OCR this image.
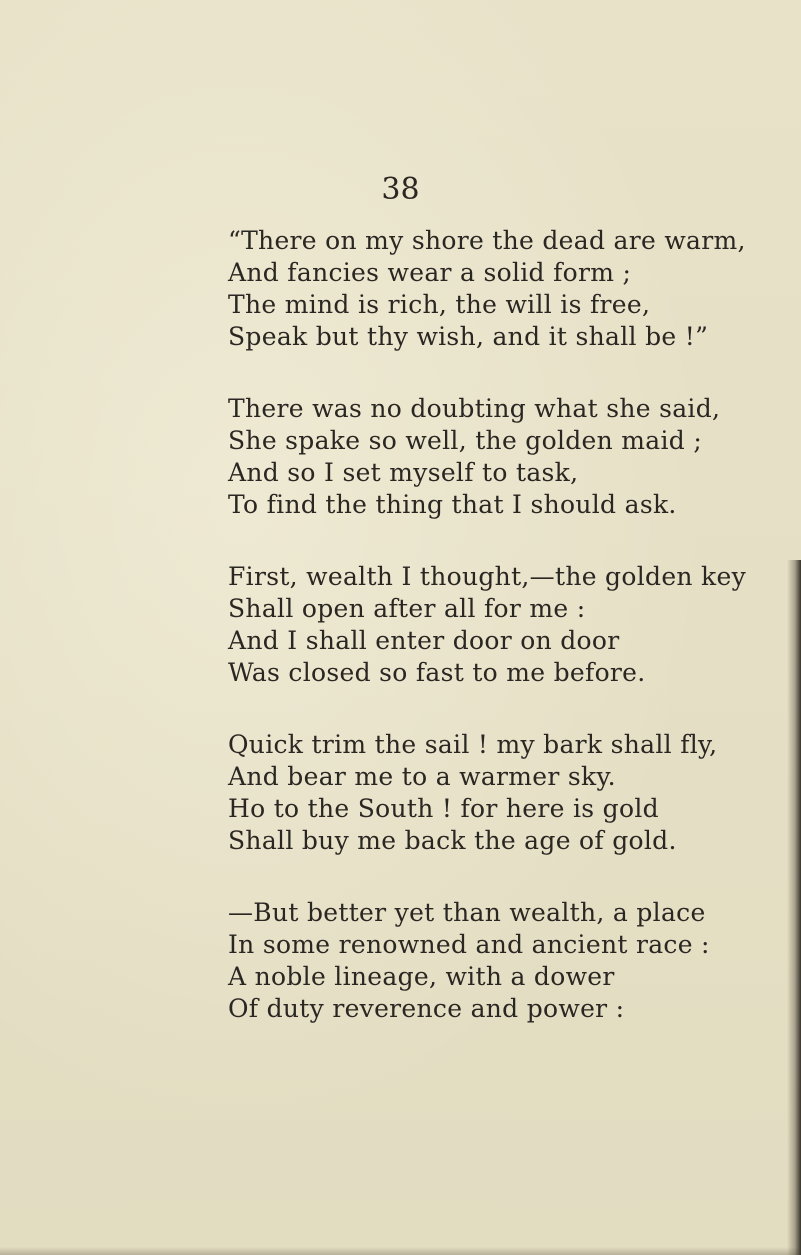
38
“There on my shore the dead are warm,
And fancies wear a solid form ;
The mind is rich, the will is free,
Speak but thy wish, and it shall be !”
There was no doubting what she said,
She spake so well, the golden maid ;
And so I set myself to task,
To find the thing that I should ask.
First, wealth I thought,—the golden key
Shall open after all for me :
And I shall enter door on door
Was closed so fast to me before.
Quick trim the sail ! my bark shall fly,
And bear me to a warmer sky.
Ho to the South ! for here is gold
Shall buy me back the age of gold.
—But better yet than wealth, a place
In some renowned and ancient race :
A noble lineage, with a dower
Of duty reverence and power :
